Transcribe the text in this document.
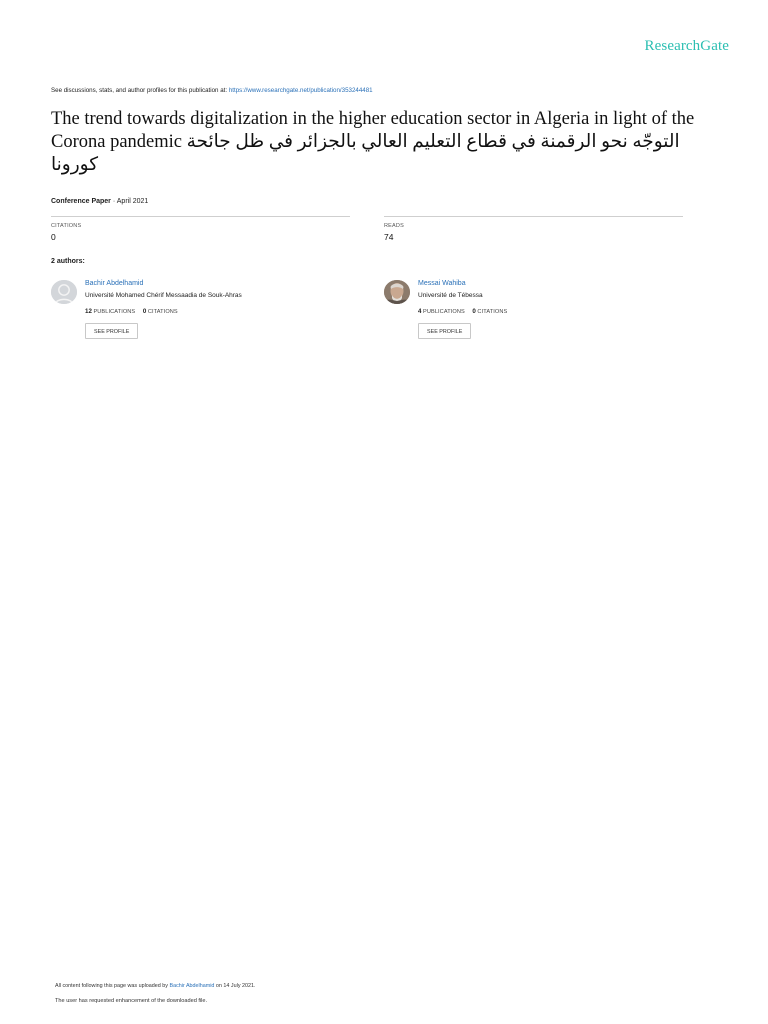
ResearchGate
See discussions, stats, and author profiles for this publication at: https://www.researchgate.net/publication/353244481
The trend towards digitalization in the higher education sector in Algeria in light of the Corona pandemic التوجّه نحو الرقمنة في قطاع التعليم العالي بالجزائر في ظل جائحة كورونا
Conference Paper · April 2021
CITATIONS
0
READS
74
2 authors:
Bachir Abdelhamid
Université Mohamed Chérif Messaadia de Souk-Ahras
12 PUBLICATIONS 0 CITATIONS
SEE PROFILE
Messai Wahiba
Université de Tébessa
4 PUBLICATIONS 0 CITATIONS
SEE PROFILE
All content following this page was uploaded by Bachir Abdelhamid on 14 July 2021.
The user has requested enhancement of the downloaded file.
